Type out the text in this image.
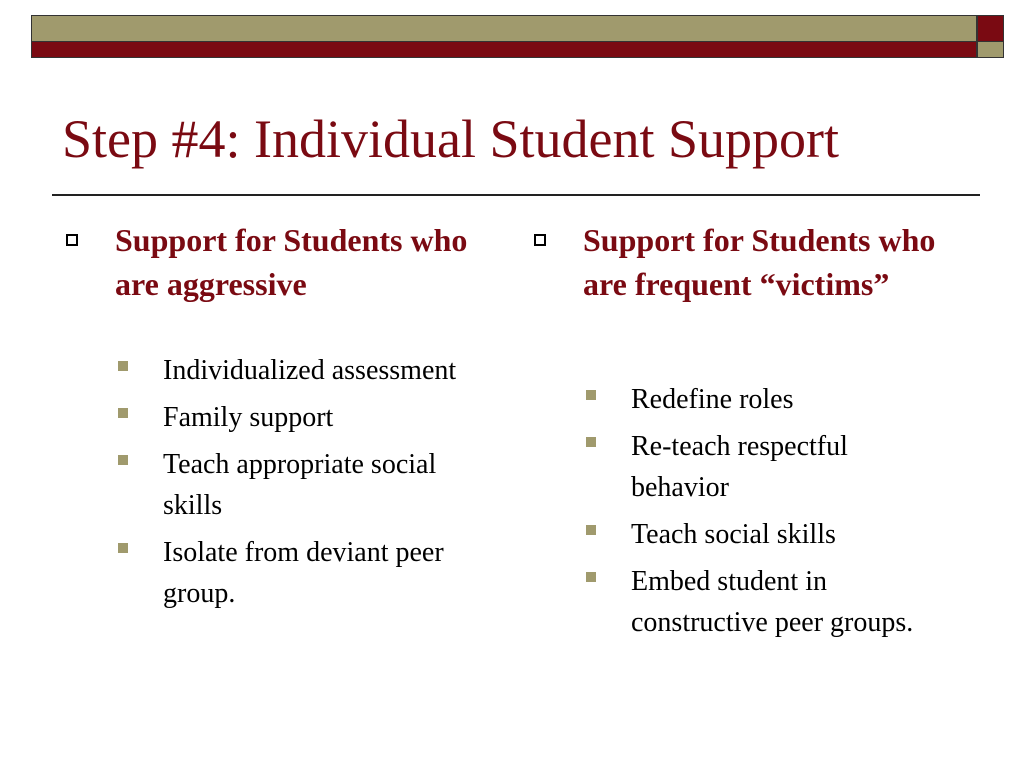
Step #4: Individual Student Support
Support for Students who are aggressive
Individualized assessment
Family support
Teach appropriate social skills
Isolate from deviant peer group.
Support for Students who are frequent “victims”
Redefine roles
Re-teach respectful behavior
Teach social skills
Embed student in constructive peer groups.
